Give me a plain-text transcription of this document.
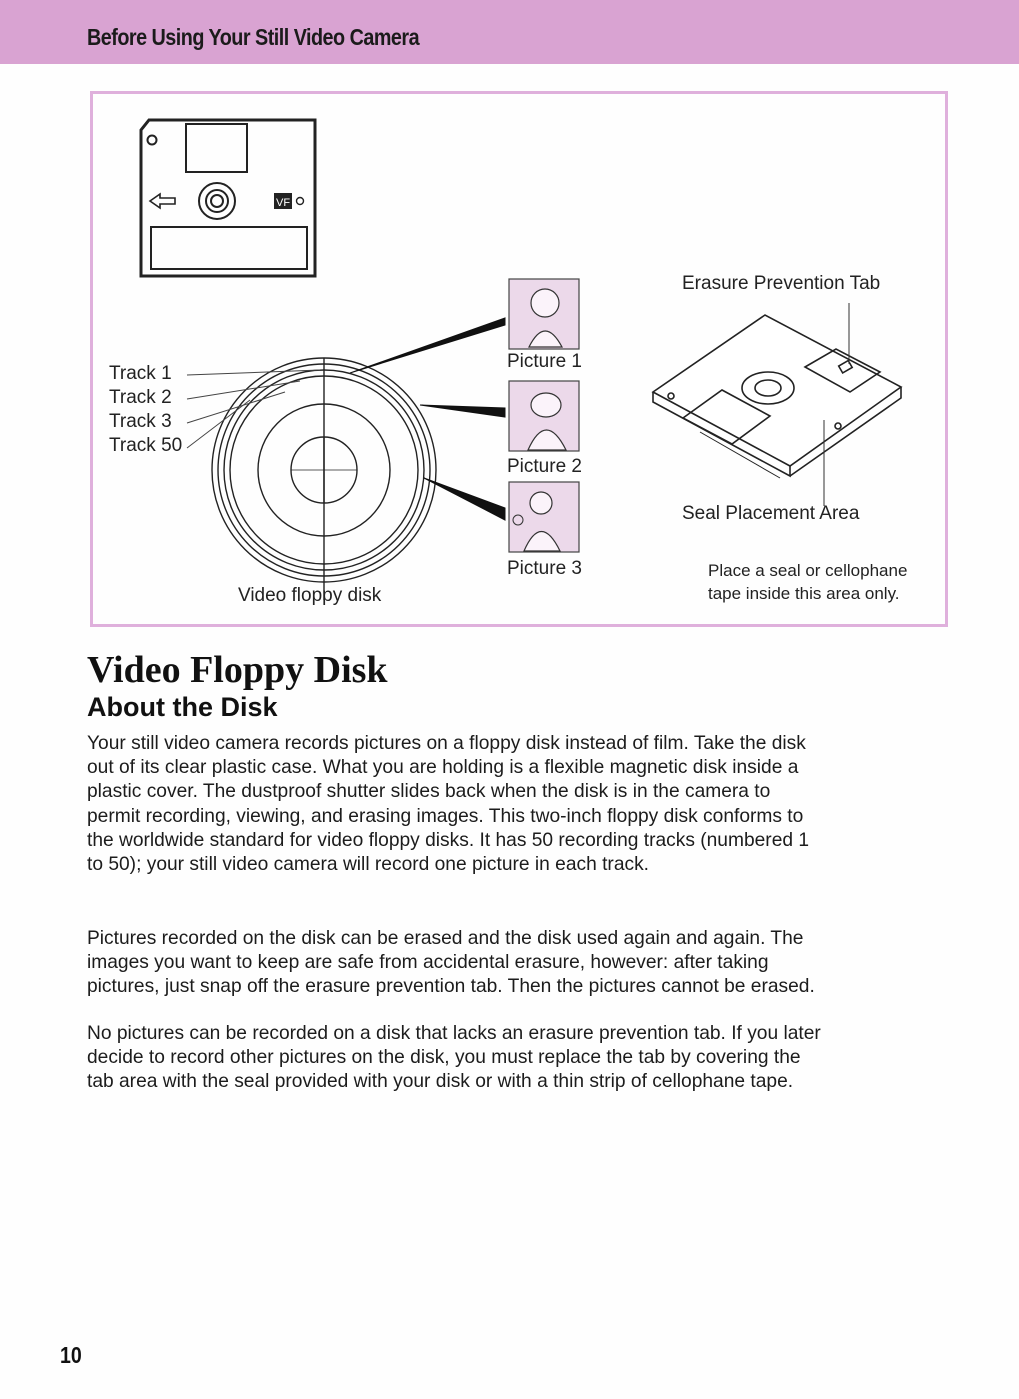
Before Using Your Still Video Camera
VF
Track 1
Track 2
Track 3
Track 50
Video floppy disk
Picture 1
Picture 2
Picture 3
Erasure Prevention Tab
Seal Placement Area
Place a seal or cellophane
tape inside this area only.
Video Floppy Disk
About the Disk

Your still video camera records pictures on a floppy disk instead of film. Take the disk out of its clear plastic case. What you are holding is a flexible magnetic disk inside a plastic cover. The dustproof shutter slides back when the disk is in the camera to permit recording, viewing, and erasing images. This two-inch floppy disk conforms to the worldwide standard for video floppy disks. It has 50 recording tracks (numbered 1 to 50); your still video camera will record one picture in each track.

Pictures recorded on the disk can be erased and the disk used again and again. The images you want to keep are safe from accidental erasure, however: after taking pictures, just snap off the erasure prevention tab. Then the pictures cannot be erased.

No pictures can be recorded on a disk that lacks an erasure prevention tab. If you later decide to record other pictures on the disk, you must replace the tab by covering the tab area with the seal provided with your disk or with a thin strip of cellophane tape.

10
